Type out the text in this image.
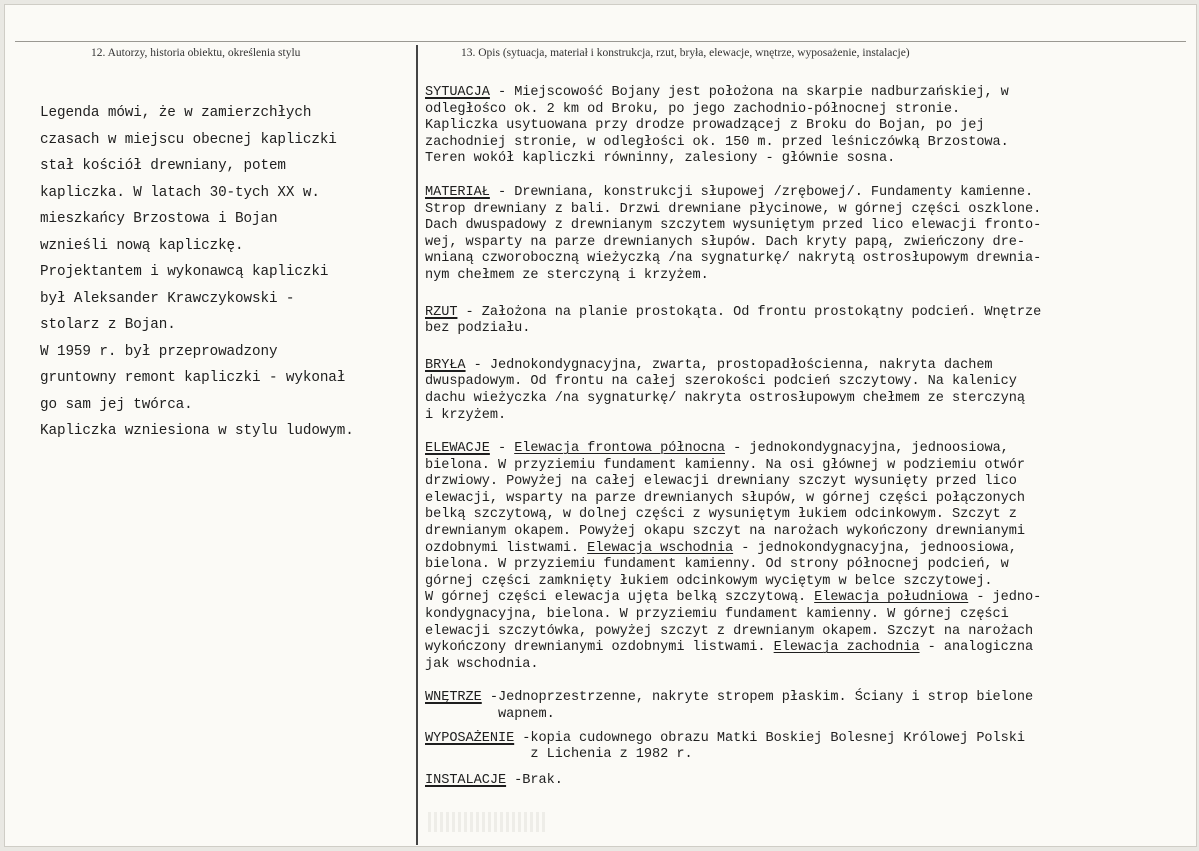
12. Autorzy, historia obiektu, określenia stylu	13. Opis (sytuacja, materiał i konstrukcja, rzut, bryła, elewacje, wnętrze, wyposażenie, instalacje)
Legenda mówi, że w zamierzchłych
czasach w miejscu obecnej kapliczki
stał kościół drewniany, potem
kapliczka. W latach 30-tych XX w.
mieszkańcy Brzostowa i Bojan
wznieśli nową kapliczkę.
Projektantem i wykonawcą kapliczki
był Aleksander Krawczykowski -
stolarz z Bojan.
W 1959 r. był przeprowadzony
gruntowny remont kapliczki - wykonał
go sam jej twórca.
Kapliczka wzniesiona w stylu ludowym.
SYTUACJA - Miejscowość Bojany jest położona na skarpie nadburzańskiej, w
odległośco ok. 2 km od Broku, po jego zachodnio-północnej stronie.
Kapliczka usytuowana przy drodze prowadzącej z Broku do Bojan, po jej
zachodniej stronie, w odległości ok. 150 m. przed leśniczówką Brzostowa.
Teren wokół kapliczki równinny, zalesiony - głównie sosna.
MATERIAŁ - Drewniana, konstrukcji słupowej /zrębowej/. Fundamenty kamienne.
Strop drewniany z bali. Drzwi drewniane płycinowe, w górnej części oszklone.
Dach dwuspadowy z drewnianym szczytem wysuniętym przed lico elewacji fronto-
wej, wsparty na parze drewnianych słupów. Dach kryty papą, zwieńczony dre-
wnianą czworoboczną wieżyczką /na sygnaturkę/ nakrytą ostrosłupowym drewnia-
nym chełmem ze sterczyną i krzyżem.
RZUT - Założona na planie prostokąta. Od frontu prostokątny podcień. Wnętrze
bez podziału.
BRYŁA - Jednokondygnacyjna, zwarta, prostopadłościenna, nakryta dachem
dwuspadowym. Od frontu na całej szerokości podcień szczytowy. Na kalenicy
dachu wieżyczka /na sygnaturkę/ nakryta ostrosłupowym chełmem ze sterczyną
i krzyżem.
ELEWACJE - Elewacja frontowa północna - jednokondygnacyjna, jednoosiowa,
bielona. W przyziemiu fundament kamienny. Na osi głównej w podziemiu otwór
drzwiowy. Powyżej na całej elewacji drewniany szczyt wysunięty przed lico
elewacji, wsparty na parze drewnianych słupów, w górnej części połączonych
belką szczytową, w dolnej części z wysuniętym łukiem odcinkowym. Szczyt z
drewnianym okapem. Powyżej okapu szczyt na narożach wykończony drewnianymi
ozdobnymi listwami. Elewacja wschodnia - jednokondygnacyjna, jednoosiowa,
bielona. W przyziemiu fundament kamienny. Od strony północnej podcień, w
górnej części zamknięty łukiem odcinkowym wyciętym w belce szczytowej.
W górnej części elewacja ujęta belką szczytową. Elewacja południowa - jedno-
kondygnacyjna, bielona. W przyziemiu fundament kamienny. W górnej części
elewacji szczytówka, powyżej szczyt z drewnianym okapem. Szczyt na narożach
wykończony drewnianymi ozdobnymi listwami. Elewacja zachodnia - analogiczna
jak wschodnia.
WNĘTRZE - Jednoprzestrzenne, nakryte stropem płaskim. Ściany i strop bielone
wapnem.
WYPOSAŻENIE - kopia cudownego obrazu Matki Boskiej Bolesnej Królowej Polski
z Lichenia z 1982 r.
INSTALACJE - Brak.
